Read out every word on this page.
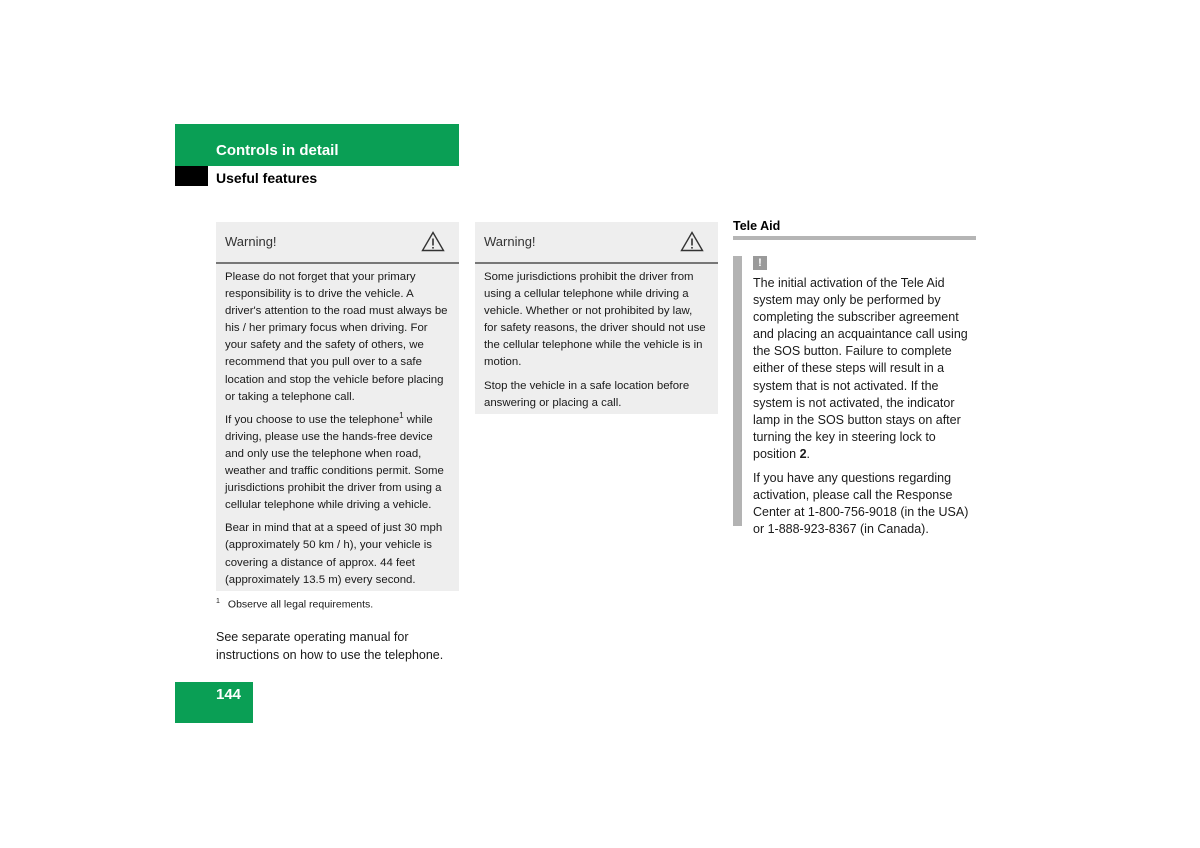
Controls in detail
Useful features
Warning!

Please do not forget that your primary responsibility is to drive the vehicle. A driver's attention to the road must always be his / her primary focus when driving. For your safety and the safety of others, we recommend that you pull over to a safe location and stop the vehicle before placing or taking a telephone call.

If you choose to use the telephone$^1$ while driving, please use the hands-free device and only use the telephone when road, weather and traffic conditions permit. Some jurisdictions prohibit the driver from using a cellular telephone while driving a vehicle.

Bear in mind that at a speed of just 30 mph (approximately 50 km / h), your vehicle is covering a distance of approx. 44 feet (approximately 13.5 m) every second.

Warning!

Some jurisdictions prohibit the driver from using a cellular telephone while driving a vehicle. Whether or not prohibited by law, for safety reasons, the driver should not use the cellular telephone while the vehicle is in motion.

Stop the vehicle in a safe location before answering or placing a call.

$^1$ Observe all legal requirements.
See separate operating manual for instructions on how to use the telephone.
144
Tele Aid
!

The initial activation of the Tele Aid system may only be performed by completing the subscriber agreement and placing an acquaintance call using the SOS button. Failure to complete either of these steps will result in a system that is not activated. If the system is not activated, the indicator lamp in the SOS button stays on after turning the key in steering lock to position 2.

If you have any questions regarding activation, please call the Response Center at 1-800-756-9018 (in the USA) or 1-888-923-8367 (in Canada).
